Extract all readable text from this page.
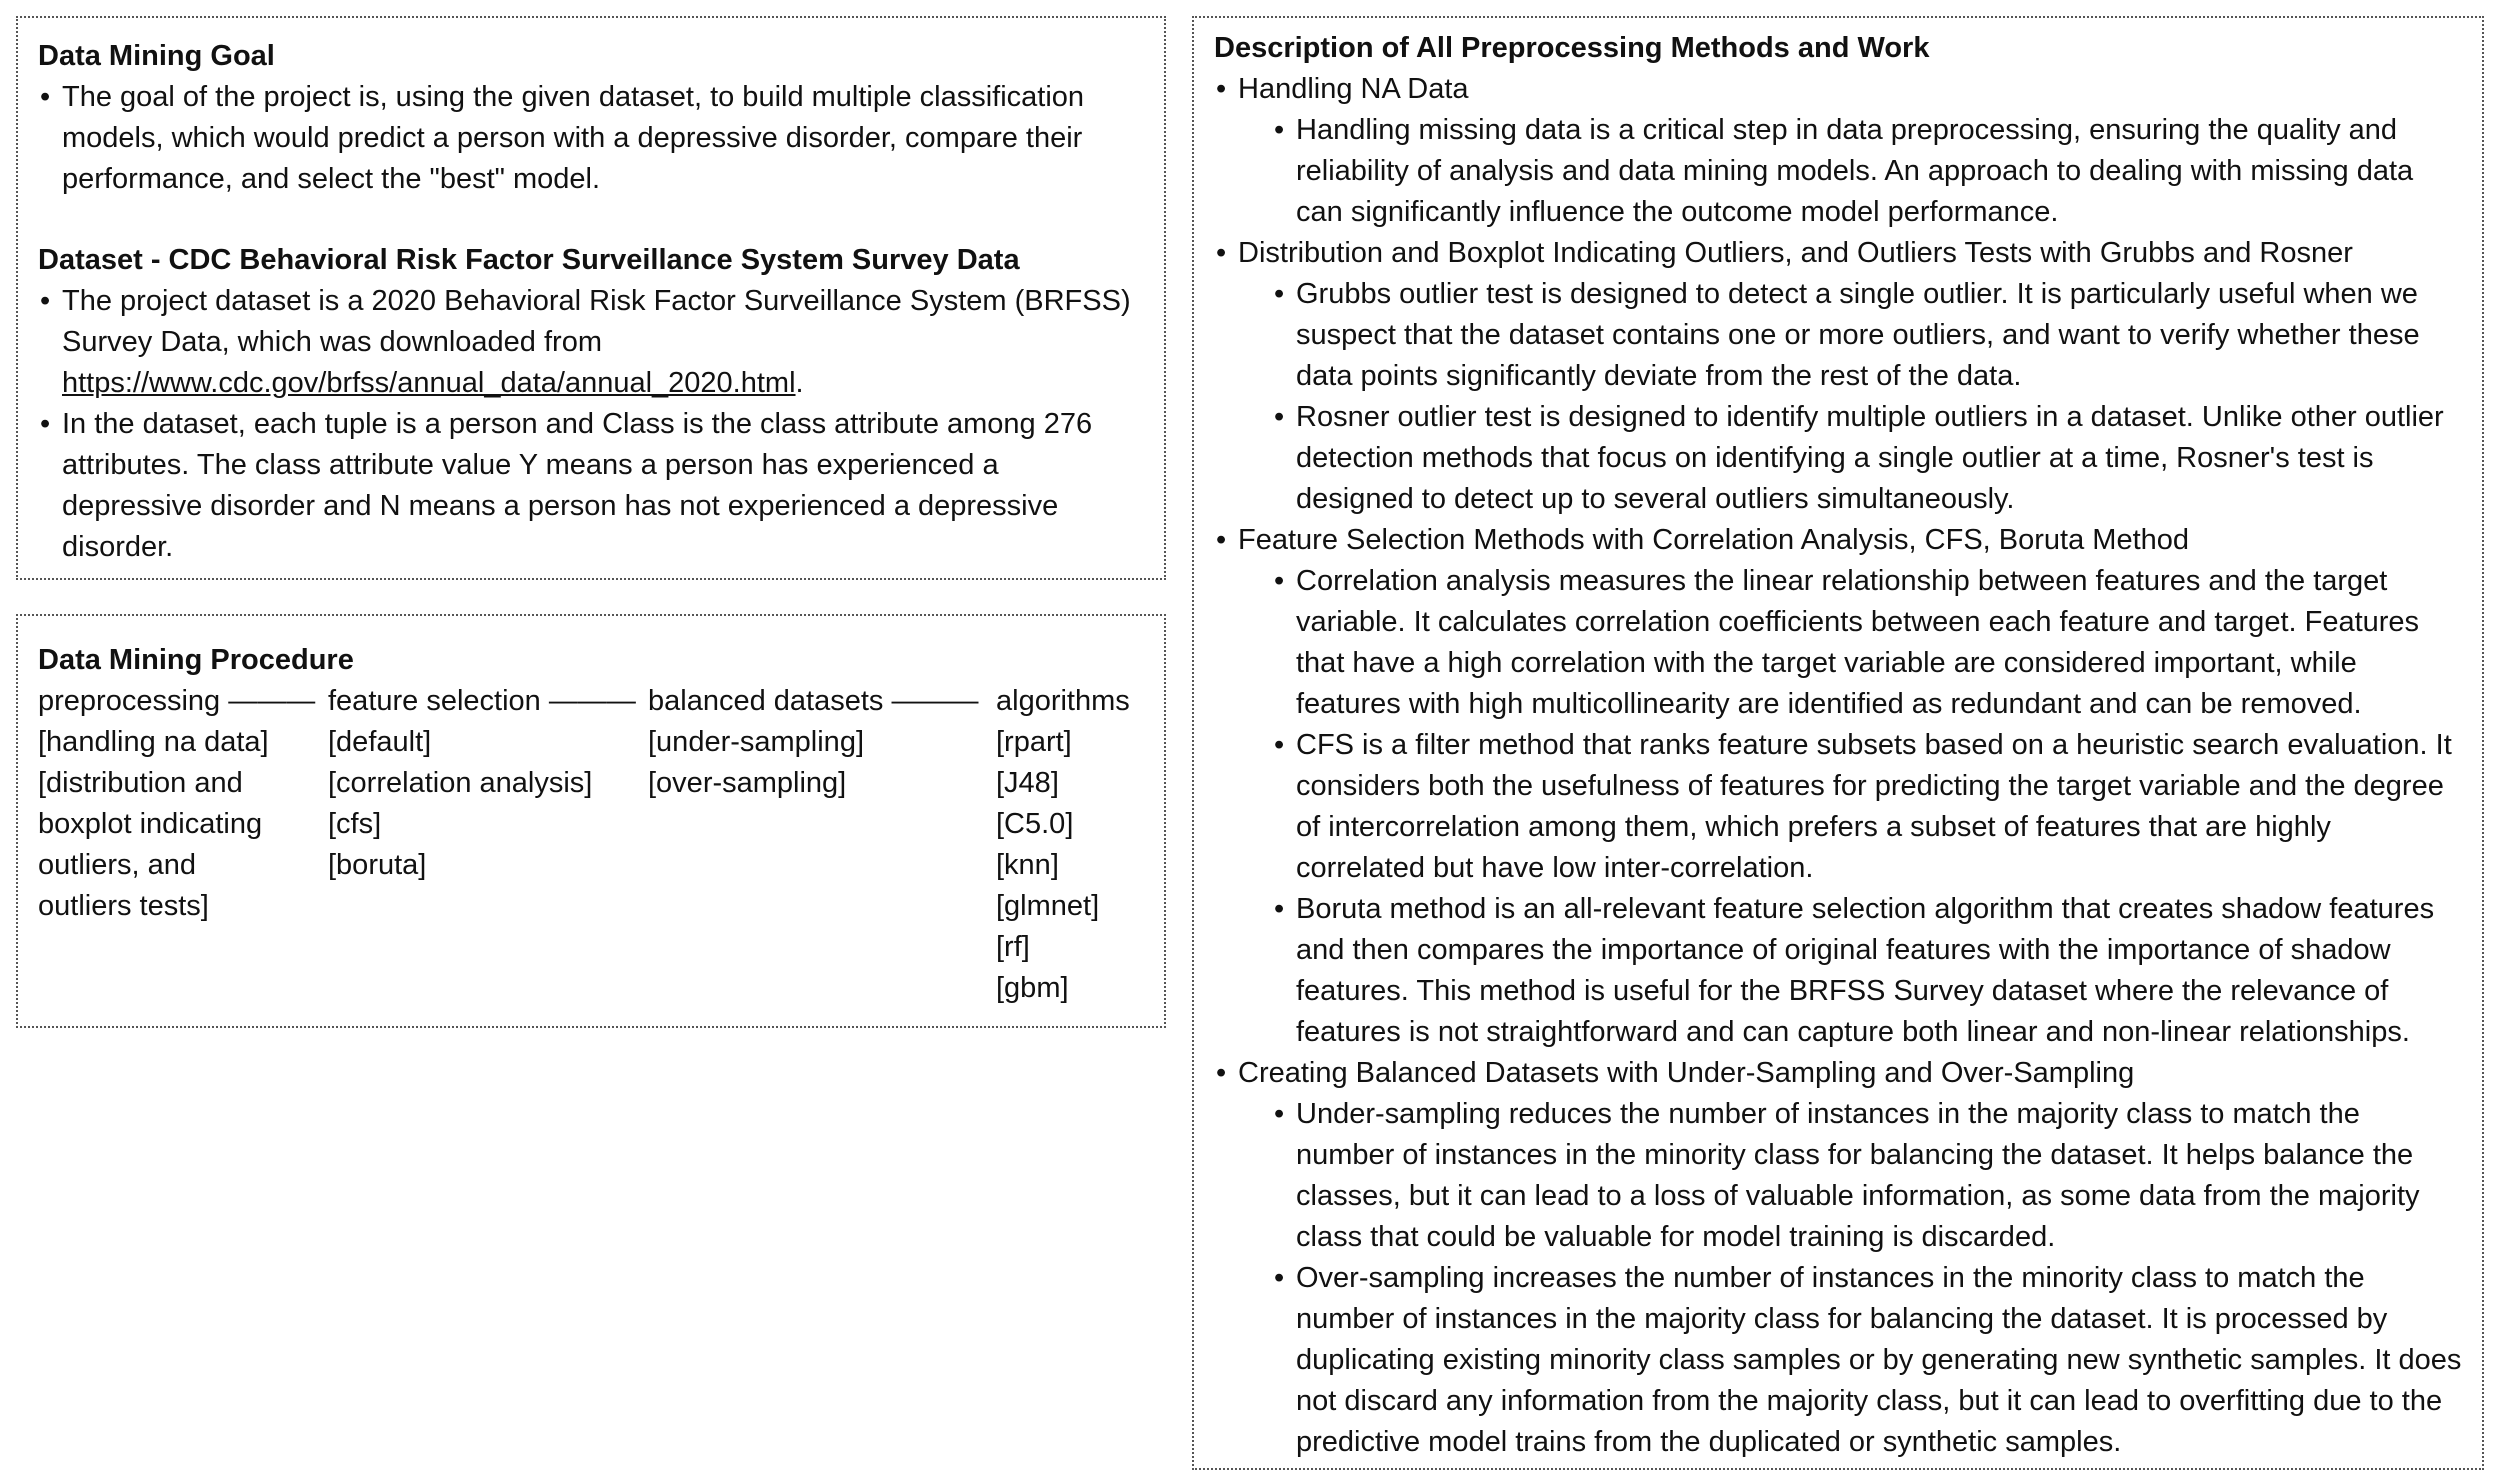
Data Mining Goal
• The goal of the project is, using the given dataset, to build multiple classification models, which would predict a person with a depressive disorder, compare their performance, and select the "best" model.
Dataset - CDC Behavioral Risk Factor Surveillance System Survey Data
• The project dataset is a 2020 Behavioral Risk Factor Surveillance System (BRFSS) Survey Data, which was downloaded from https://www.cdc.gov/brfss/annual_data/annual_2020.html.
• In the dataset, each tuple is a person and Class is the class attribute among 276 attributes. The class attribute value Y means a person has experienced a depressive disorder and N means a person has not experienced a depressive disorder.
Data Mining Procedure
preprocessing ———
[handling na data]
[distribution and
boxplot indicating
outliers, and
outliers tests]
feature selection ———
[default]
[correlation analysis]
[cfs]
[boruta]
balanced datasets ———
[under-sampling]
[over-sampling]
algorithms
[rpart]
[J48]
[C5.0]
[knn]
[glmnet]
[rf]
[gbm]
Description of All Preprocessing Methods and Work
• Handling NA Data
• Handling missing data is a critical step in data preprocessing, ensuring the quality and reliability of analysis and data mining models. An approach to dealing with missing data can significantly influence the outcome model performance.
• Distribution and Boxplot Indicating Outliers, and Outliers Tests with Grubbs and Rosner
• Grubbs outlier test is designed to detect a single outlier. It is particularly useful when we suspect that the dataset contains one or more outliers, and want to verify whether these data points significantly deviate from the rest of the data.
• Rosner outlier test is designed to identify multiple outliers in a dataset. Unlike other outlier detection methods that focus on identifying a single outlier at a time, Rosner's test is designed to detect up to several outliers simultaneously.
• Feature Selection Methods with Correlation Analysis, CFS, Boruta Method
• Correlation analysis measures the linear relationship between features and the target variable. It calculates correlation coefficients between each feature and target. Features that have a high correlation with the target variable are considered important, while features with high multicollinearity are identified as redundant and can be removed.
• CFS is a filter method that ranks feature subsets based on a heuristic search evaluation. It considers both the usefulness of features for predicting the target variable and the degree of intercorrelation among them, which prefers a subset of features that are highly correlated but have low inter-correlation.
• Boruta method is an all-relevant feature selection algorithm that creates shadow features and then compares the importance of original features with the importance of shadow features. This method is useful for the BRFSS Survey dataset where the relevance of features is not straightforward and can capture both linear and non-linear relationships.
• Creating Balanced Datasets with Under-Sampling and Over-Sampling
• Under-sampling reduces the number of instances in the majority class to match the number of instances in the minority class for balancing the dataset. It helps balance the classes, but it can lead to a loss of valuable information, as some data from the majority class that could be valuable for model training is discarded.
• Over-sampling increases the number of instances in the minority class to match the number of instances in the majority class for balancing the dataset. It is processed by duplicating existing minority class samples or by generating new synthetic samples. It does not discard any information from the majority class, but it can lead to overfitting due to the predictive model trains from the duplicated or synthetic samples.
